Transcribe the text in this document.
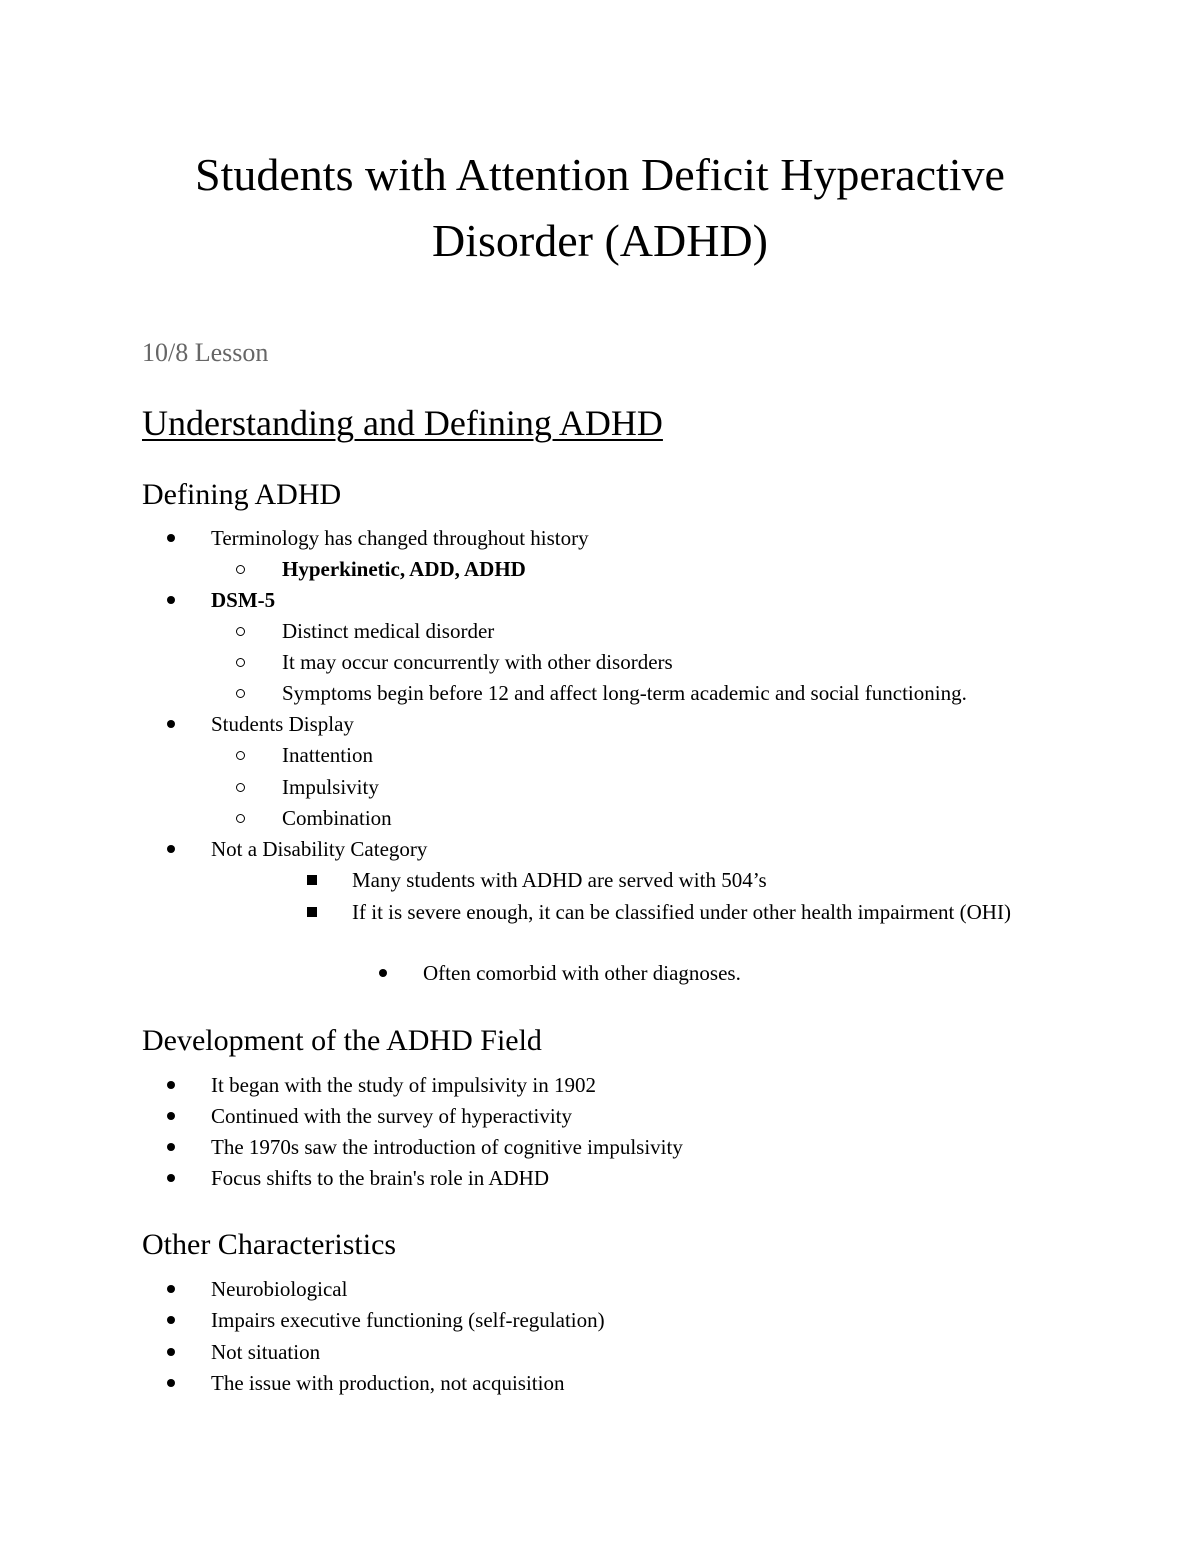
Students with Attention Deficit Hyperactive
Disorder (ADHD)

10/8 Lesson

Understanding and Defining ADHD
Defining ADHD
Terminology has changed throughout history
Hyperkinetic, ADD, ADHD
DSM-5
Distinct medical disorder
It may occur concurrently with other disorders
Symptoms begin before 12 and affect long-term academic and social functioning.
Students Display
Inattention
Impulsivity
Combination
Not a Disability Category
Many students with ADHD are served with 504’s
If it is severe enough, it can be classified under other health impairment (OHI)
Often comorbid with other diagnoses.
Development of the ADHD Field
It began with the study of impulsivity in 1902
Continued with the survey of hyperactivity
The 1970s saw the introduction of cognitive impulsivity
Focus shifts to the brain's role in ADHD
Other Characteristics
Neurobiological
Impairs executive functioning (self-regulation)
Not situation
The issue with production, not acquisition
